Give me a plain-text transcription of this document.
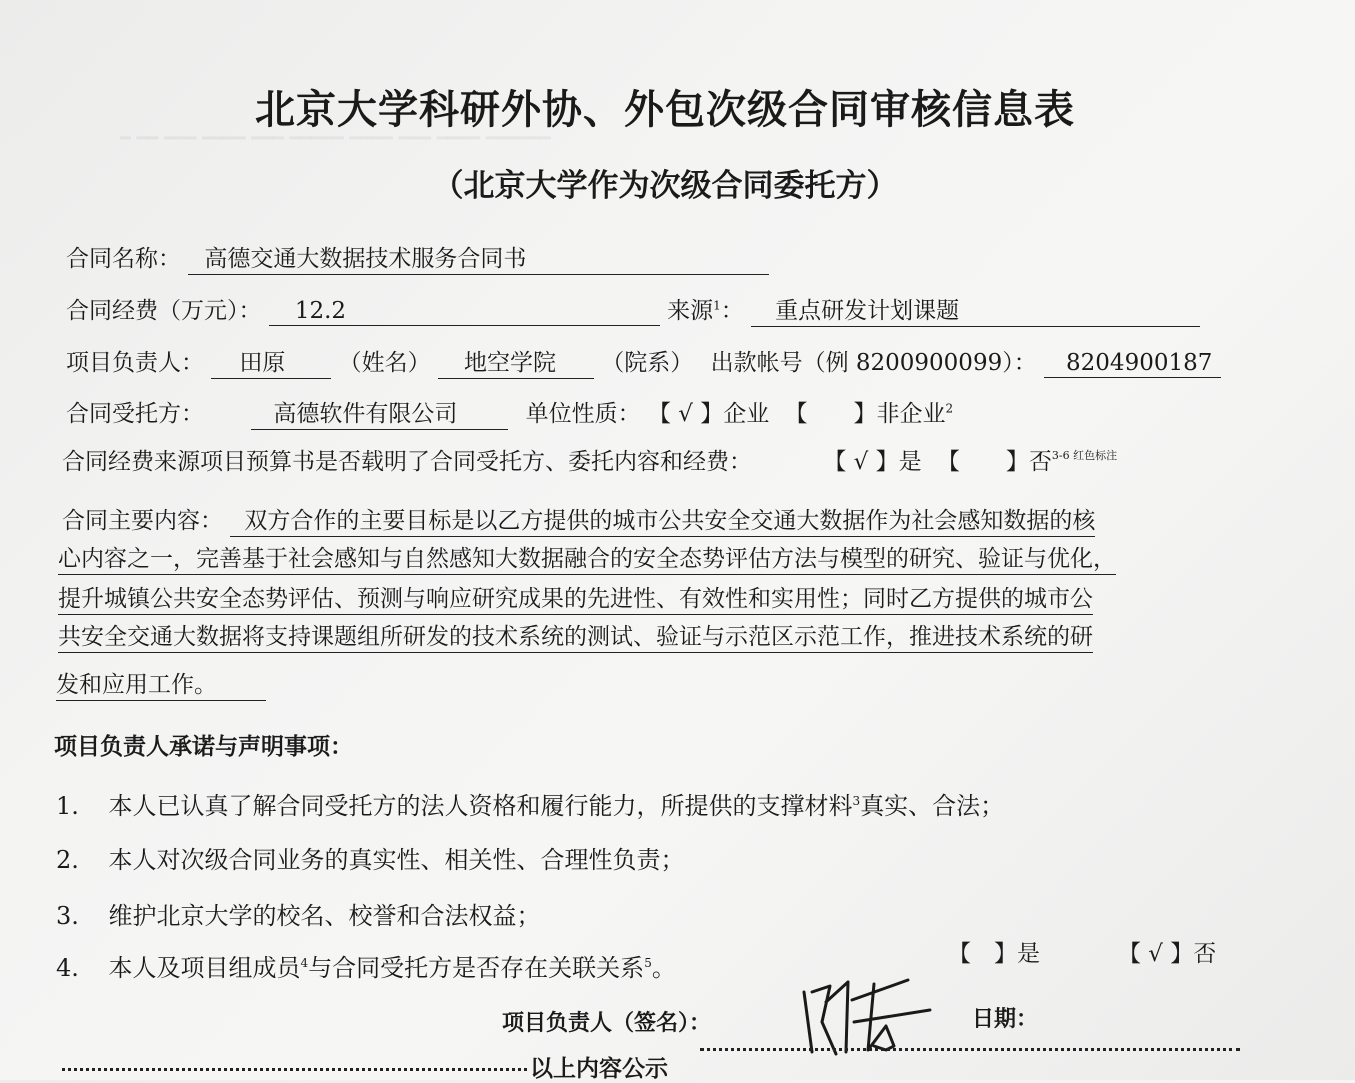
━ ━━ ━━━ ━━━━ ━━━ ━━━━━ ━━━━ ━━━ ━━━━ ━━━━━━
北京大学科研外协、外包次级合同审核信息表
（北京大学作为次级合同委托方）
合同名称： 高德交通大数据技术服务合同书
合同经费（万元）： 12.2	来源$^1$： 重点研发计划课题
项目负责人： 田原 （姓名） 地空学院 （院系） 出款帐号（例 8200900099）： 8204900187
合同受托方：	高德软件有限公司	单位性质： 【 √ 】企业 【　　】非企业$^2$
合同经费来源项目预算书是否载明了合同受托方、委托内容和经费：	【 √ 】是 【　　】否$^{3-6 红色标注}$
合同主要内容： 双方合作的主要目标是以乙方提供的城市公共安全交通大数据作为社会感知数据的核
心内容之一，完善基于社会感知与自然感知大数据融合的安全态势评估方法与模型的研究、验证与优化，
提升城镇公共安全态势评估、预测与响应研究成果的先进性、有效性和实用性；同时乙方提供的城市公
共安全交通大数据将支持课题组所研发的技术系统的测试、验证与示范区示范工作，推进技术系统的研
发和应用工作。
项目负责人承诺与声明事项：
1. 本人已认真了解合同受托方的法人资格和履行能力，所提供的支撑材料$^3$真实、合法；
2. 本人对次级合同业务的真实性、相关性、合理性负责；
3. 维护北京大学的校名、校誉和合法权益；
4. 本人及项目组成员$^4$与合同受托方是否存在关联关系$^5$。	【　】是	【 √ 】否
项目负责人（签名）：	日期：
以上内容公示
